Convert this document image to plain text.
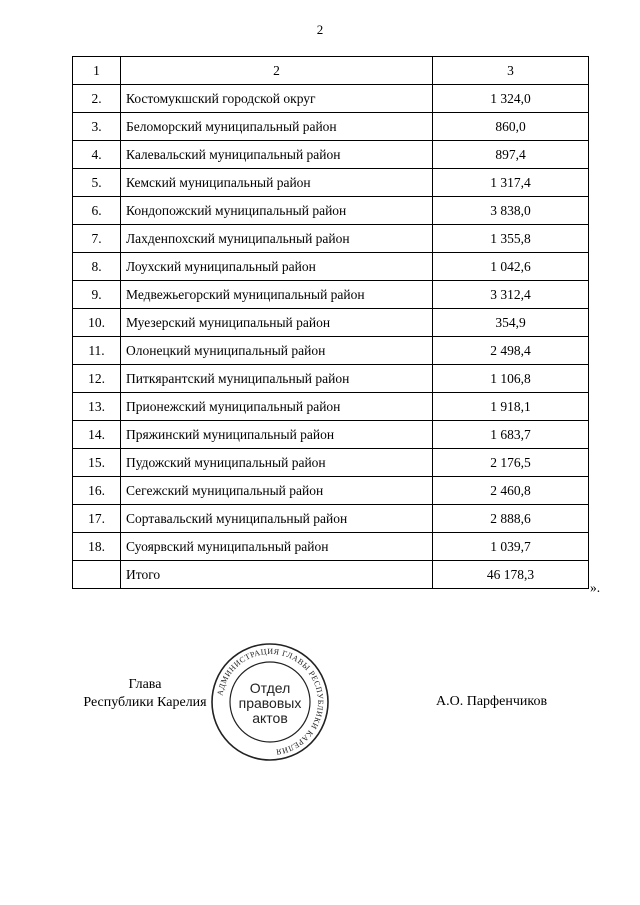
2
1	2	3
2.	Костомукшский городской округ	1 324,0
3.	Беломорский муниципальный район	860,0
4.	Калевальский муниципальный район	897,4
5.	Кемский муниципальный район	1 317,4
6.	Кондопожский муниципальный район	3 838,0
7.	Лахденпохский муниципальный район	1 355,8
8.	Лоухский муниципальный район	1 042,6
9.	Медвежьегорский муниципальный район	3 312,4
10.	Муезерский муниципальный район	354,9
11.	Олонецкий муниципальный район	2 498,4
12.	Питкярантский муниципальный район	1 106,8
13.	Прионежский муниципальный район	1 918,1
14.	Пряжинский муниципальный район	1 683,7
15.	Пудожский муниципальный район	2 176,5
16.	Сегежский муниципальный район	2 460,8
17.	Сортавальский муниципальный район	2 888,6
18.	Суоярвский муниципальный район	1 039,7
	Итого	46 178,3
».
Глава
Республики Карелия	А.О. Парфенчиков
АДМИНИСТРАЦИЯ ГЛАВЫ РЕСПУБЛИКИ КАРЕЛИЯ
Отдел
правовых
актов
